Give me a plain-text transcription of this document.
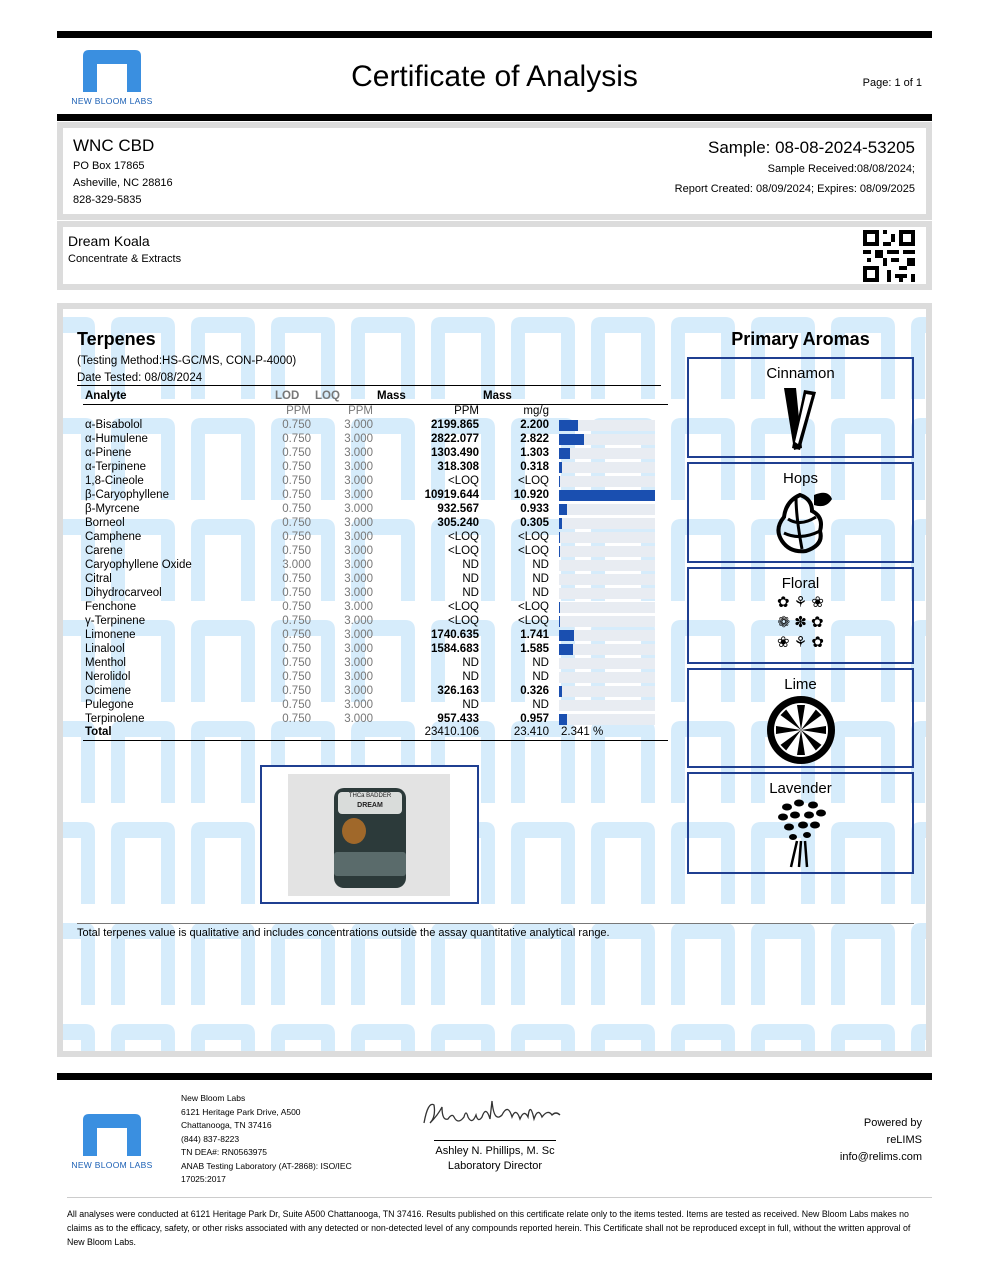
NEW BLOOM LABS
Certificate of Analysis	Page: 1 of 1
WNC CBD
PO Box 17865
Asheville, NC 28816
828-329-5835
Sample: 08-08-2024-53205
Sample Received:08/08/2024;
Report Created: 08/09/2024; Expires: 08/09/2025
Dream Koala
Concentrate & Extracts
Terpenes
(Testing Method:HS-GC/MS, CON-P-4000)
Date Tested: 08/08/2024
Analyte	LOD	LOQ	Mass	Mass	
	PPM	PPM	PPM	mg/g	
α-Bisabolol	0.750	3.000	2199.865	2.200	

α-Humulene	0.750	3.000	2822.077	2.822	

α-Pinene	0.750	3.000	1303.490	1.303	

α-Terpinene	0.750	3.000	318.308	0.318	

1,8-Cineole	0.750	3.000	<LOQ	<LOQ	

β-Caryophyllene	0.750	3.000	10919.644	10.920	

β-Myrcene	0.750	3.000	932.567	0.933	

Borneol	0.750	3.000	305.240	0.305	

Camphene	0.750	3.000	<LOQ	<LOQ	

Carene	0.750	3.000	<LOQ	<LOQ	

Caryophyllene Oxide	3.000	3.000	ND	ND	

Citral	0.750	3.000	ND	ND	

Dihydrocarveol	0.750	3.000	ND	ND	

Fenchone	0.750	3.000	<LOQ	<LOQ	

γ-Terpinene	0.750	3.000	<LOQ	<LOQ	

Limonene	0.750	3.000	1740.635	1.741	

Linalool	0.750	3.000	1584.683	1.585	

Menthol	0.750	3.000	ND	ND	

Nerolidol	0.750	3.000	ND	ND	

Ocimene	0.750	3.000	326.163	0.326	

Pulegone	0.750	3.000	ND	ND	

Terpinolene	0.750	3.000	957.433	0.957	

Total			23410.106	23.410	2.341 %
THCa BADDER
DREAM
Primary Aromas
Cinnamon
Hops
Floral
✿ ⚘ ❀
❁ ✽ ✿
❀ ⚘ ✿
Lime
Lavender
Total terpenes value is qualitative and includes concentrations outside the assay quantitative analytical range.
NEW BLOOM LABS
New Bloom Labs
6121 Heritage Park Drive, A500
Chattanooga, TN 37416
(844) 837-8223
TN DEA#: RN0563975
ANAB Testing Laboratory (AT-2868): ISO/IEC
17025:2017
Ashley N. Phillips, M. Sc
Laboratory Director
Powered by
reLIMS
info@relims.com
All analyses were conducted at 6121 Heritage Park Dr, Suite A500 Chattanooga, TN 37416. Results published on this certificate relate only to the items tested. Items are tested as received. New Bloom Labs makes no claims as to the efficacy, safety, or other risks associated with any detected or non-detected level of any compounds reported herein. This Certificate shall not be reproduced except in full, without the written approval of New Bloom Labs.
